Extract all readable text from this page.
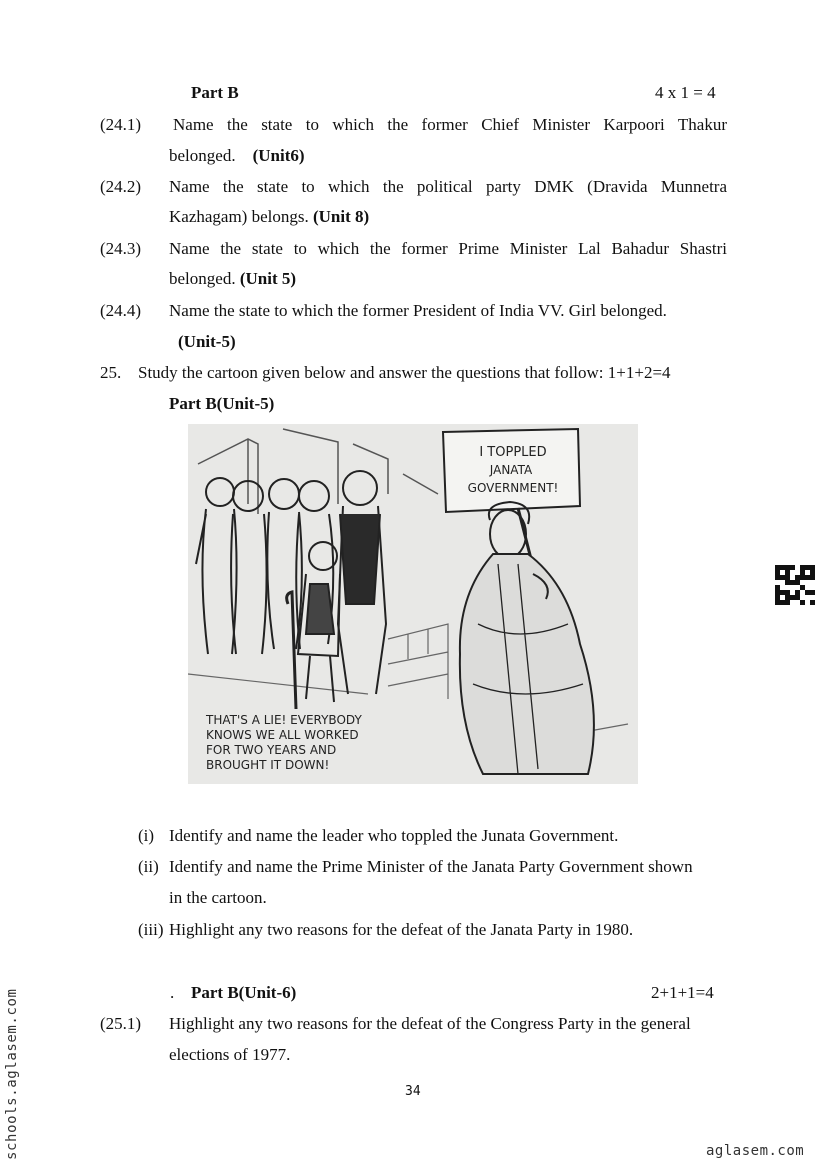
Part B	4 x 1 = 4
(24.1) Name the state to which the former Chief Minister Karpoori Thakur
belonged. (Unit6)
(24.2) Name the state to which the political party DMK (Dravida Munnetra
Kazhagam) belongs. (Unit 8)
(24.3) Name the state to which the former Prime Minister Lal Bahadur Shastri
belonged. (Unit 5)
(24.4) Name the state to which the former President of India VV. Girl belonged.
(Unit-5)
25. Study the cartoon given below and answer the questions that follow: 1+1+2=4
Part B(Unit-5)
I TOPPLED
JANATA
GOVERNMENT!
THAT'S A LIE! EVERYBODY
KNOWS WE ALL WORKED
FOR TWO YEARS AND
BROUGHT IT DOWN!
(i) Identify and name the leader who toppled the Junata Government.
(ii) Identify and name the Prime Minister of the Janata Party Government shown
in the cartoon.
(iii) Highlight any two reasons for the defeat of the Janata Party in 1980.
. Part B(Unit-6)	2+1+1=4
(25.1) Highlight any two reasons for the defeat of the Congress Party in the general
elections of 1977.
34
schools.aglasem.com	aglasem.com
